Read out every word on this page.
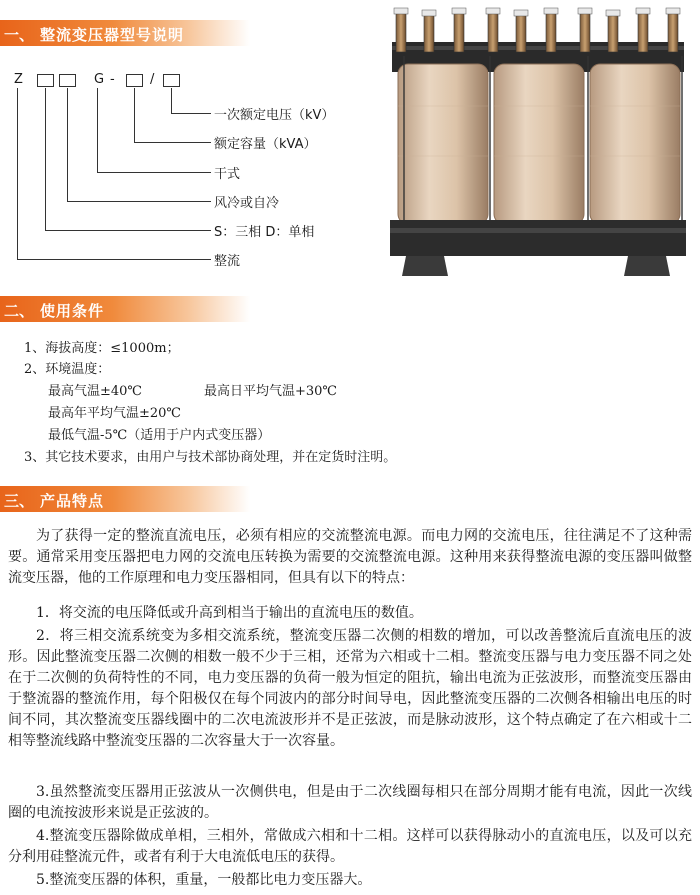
一、 整流变压器型号说明
Z	G -	/
一次额定电压（kV）
额定容量（kVA）
干式
风冷或自冷
S：三相 D：单相
整流
二、 使用条件
1、海拔高度：≤1000m；
2、环境温度：
最高气温±40℃	最高日平均气温+30℃
最高年平均气温±20℃
最低气温-5℃（适用于户内式变压器）
3、其它技术要求，由用户与技术部协商处理，并在定货时注明。
三、 产品特点
为了获得一定的整流直流电压，必须有相应的交流整流电源。而电力网的交流电压，往往满足不了这种需要。通常采用变压器把电力网的交流电压转换为需要的交流整流电源。这种用来获得整流电源的变压器叫做整流变压器，他的工作原理和电力变压器相同，但具有以下的特点：
1．将交流的电压降低或升高到相当于输出的直流电压的数值。
2．将三相交流系统变为多相交流系统，整流变压器二次侧的相数的增加，可以改善整流后直流电压的波形。因此整流变压器二次侧的相数一般不少于三相，还常为六相或十二相。整流变压器与电力变压器不同之处在于二次侧的负荷特性的不同，电力变压器的负荷一般为恒定的阻抗，输出电流为正弦波形，而整流变压器由于整流器的整流作用，每个阳极仅在每个同波内的部分时间导电，因此整流变压器的二次侧各相输出电压的时间不同，其次整流变压器线圈中的二次电流波形并不是正弦波，而是脉动波形，这个特点确定了在六相或十二相等整流线路中整流变压器的二次容量大于一次容量。
3.虽然整流变压器用正弦波从一次侧供电，但是由于二次线圈每相只在部分周期才能有电流，因此一次线圈的电流按波形来说是正弦波的。
4.整流变压器除做成单相，三相外，常做成六相和十二相。这样可以获得脉动小的直流电压，以及可以充分利用硅整流元件，或者有利于大电流低电压的获得。
5.整流变压器的体积，重量，一般都比电力变压器大。
